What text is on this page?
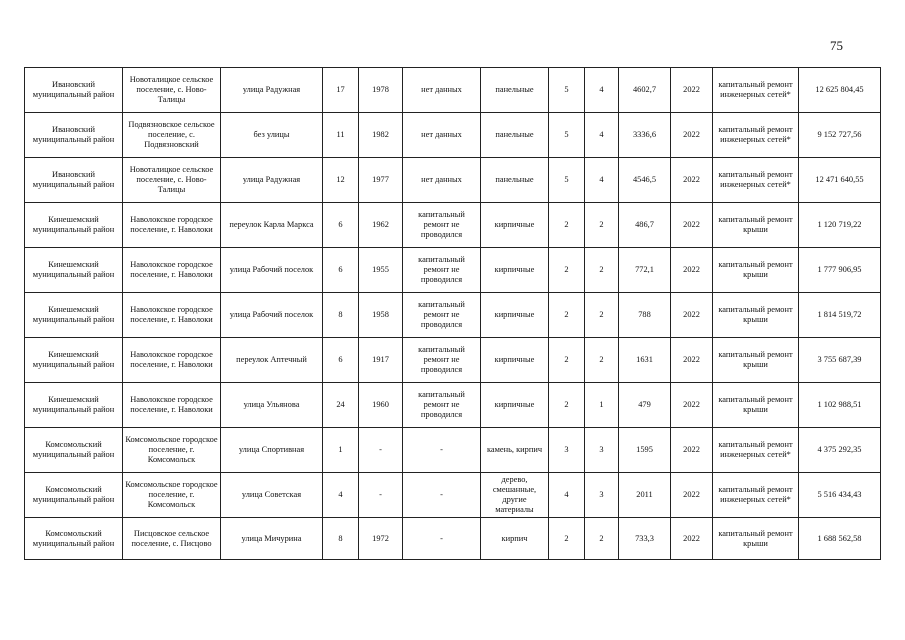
75
Ивановский муниципальный район	Новоталицкое сельское поселение, с. Ново-Талицы	улица Радужная	17	1978	нет данных	панельные	5	4	4602,7	2022	капитальный ремонт инженерных сетей*	12 625 804,45
Ивановский муниципальный район	Подвязновское сельское поселение, с. Подвязновский	без улицы	11	1982	нет данных	панельные	5	4	3336,6	2022	капитальный ремонт инженерных сетей*	9 152 727,56
Ивановский муниципальный район	Новоталицкое сельское поселение, с. Ново-Талицы	улица Радужная	12	1977	нет данных	панельные	5	4	4546,5	2022	капитальный ремонт инженерных сетей*	12 471 640,55
Кинешемский муниципальный район	Наволокское городское поселение, г. Наволоки	переулок Карла Маркса	6	1962	капитальный ремонт не проводился	кирпичные	2	2	486,7	2022	капитальный ремонт крыши	1 120 719,22
Кинешемский муниципальный район	Наволокское городское поселение, г. Наволоки	улица Рабочий поселок	6	1955	капитальный ремонт не проводился	кирпичные	2	2	772,1	2022	капитальный ремонт крыши	1 777 906,95
Кинешемский муниципальный район	Наволокское городское поселение, г. Наволоки	улица Рабочий поселок	8	1958	капитальный ремонт не проводился	кирпичные	2	2	788	2022	капитальный ремонт крыши	1 814 519,72
Кинешемский муниципальный район	Наволокское городское поселение, г. Наволоки	переулок Аптечный	6	1917	капитальный ремонт не проводился	кирпичные	2	2	1631	2022	капитальный ремонт крыши	3 755 687,39
Кинешемский муниципальный район	Наволокское городское поселение, г. Наволоки	улица Ульянова	24	1960	капитальный ремонт не проводился	кирпичные	2	1	479	2022	капитальный ремонт крыши	1 102 988,51
Комсомольский муниципальный район	Комсомольское городское поселение, г. Комсомольск	улица Спортивная	1	-	-	камень, кирпич	3	3	1595	2022	капитальный ремонт инженерных сетей*	4 375 292,35
Комсомольский муниципальный район	Комсомольское городское поселение, г. Комсомольск	улица Советская	4	-	-	дерево, смешанные, другие материалы	4	3	2011	2022	капитальный ремонт инженерных сетей*	5 516 434,43
Комсомольский муниципальный район	Писцовское сельское поселение, с. Писцово	улица Мичурина	8	1972	-	кирпич	2	2	733,3	2022	капитальный ремонт крыши	1 688 562,58
